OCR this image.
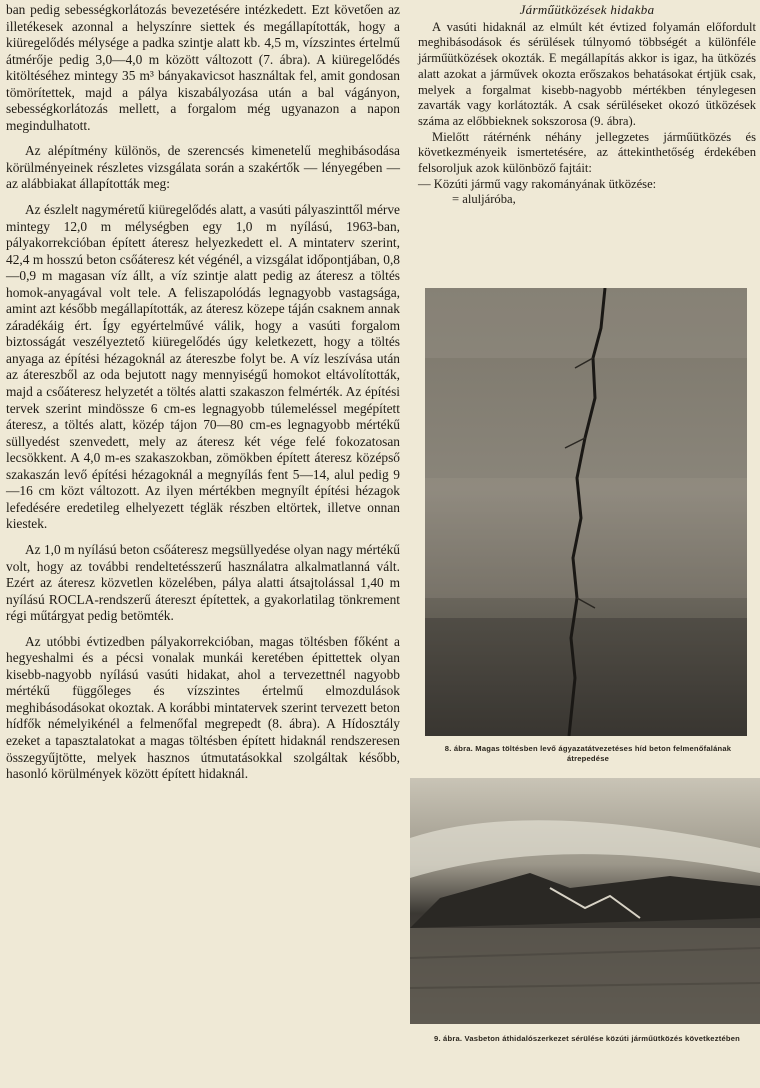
ban pedig sebességkorlátozás bevezetésére intézkedett. Ezt követően az illetékesek azonnal a helyszínre siettek és megállapították, hogy a kiüregelődés mélysége a padka szintje alatt kb. 4,5 m, vízszintes értelmű átmérője pedig 3,0—4,0 m között változott (7. ábra). A kiüregelődés kitöltéséhez mintegy 35 m³ bányakavicsot használtak fel, amit gondosan tömörítettek, majd a pálya kiszabályozása után a bal vágányon, sebességkorlátozás mellett, a forgalom még ugyanazon a napon megindulhatott.

Az alépítmény különös, de szerencsés kimenetelű meghibásodása körülményeinek részletes vizsgálata során a szakértők — lényegében — az alábbiakat állapították meg:

Az észlelt nagyméretű kiüregelődés alatt, a vasúti pályaszinttől mérve mintegy 12,0 m mélységben egy 1,0 m nyílású, 1963-ban, pályakorrekcióban épített áteresz helyezkedett el. A mintaterv szerint, 42,4 m hosszú beton csőáteresz két végénél, a vizsgálat időpontjában, 0,8—0,9 m magasan víz állt, a víz szintje alatt pedig az áteresz a töltés homok-anyagával volt tele. A feliszapolódás legnagyobb vastagsága, amint azt később megállapították, az áteresz közepe táján csaknem annak záradékáig ért. Így egyértelművé válik, hogy a vasúti forgalom biztosságát veszélyeztető kiüregelődés úgy keletkezett, hogy a töltés anyaga az építési hézagoknál az átereszbe folyt be. A víz leszívása után az átereszből az oda bejutott nagy mennyiségű homokot eltávolították, majd a csőáteresz helyzetét a töltés alatti szakaszon felmérték. Az építési tervek szerint mindössze 6 cm-es legnagyobb túlemeléssel megépített áteresz, a töltés alatt, közép tájon 70—80 cm-es legnagyobb mértékű süllyedést szenvedett, mely az áteresz két vége felé fokozatosan lecsökkent. A 4,0 m-es szakaszokban, zömökben épített áteresz középső szakaszán levő építési hézagoknál a megnyílás fent 5—14, alul pedig 9—16 cm közt változott. Az ilyen mértékben megnyílt építési hézagok lefedésére eredetileg elhelyezett tégläk részben eltörtek, illetve onnan kiestek.

Az 1,0 m nyílású beton csőáteresz megsüllyedése olyan nagy mértékű volt, hogy az további rendeltetésszerű használatra alkalmatlanná vált. Ezért az áteresz közvetlen közelében, pálya alatti átsajtolással 1,40 m nyílású ROCLA-rendszerű átereszt építettek, a gyakorlatilag tönkrement régi műtárgyat pedig betömték.

Az utóbbi évtizedben pályakorrekcióban, magas töltésben főként a hegyeshalmi és a pécsi vonalak munkái keretében épittettek olyan kisebb-nagyobb nyílású vasúti hidakat, ahol a tervezettnél nagyobb mértékű függőleges és vízszintes értelmű elmozdulások meghibásodásokat okoztak. A korábbi mintatervek szerint tervezett beton hídfők némelyikénél a felmenőfal megrepedt (8. ábra). A Hídosztály ezeket a tapasztalatokat a magas töltésben épített hidaknál rendszeresen összegyűjtötte, melyek hasznos útmutatásokkal szolgáltak később, hasonló körülmények között épített hidaknál.

Járműütközések hidakba

A vasúti hidaknál az elmúlt két évtized folyamán előfordult meghibásodások és sérülések túlnyomó többségét a különféle járműütközések okozták. E megállapítás akkor is igaz, ha ütközés alatt azokat a járművek okozta erőszakos behatásokat értjük csak, melyek a forgalmat kisebb-nagyobb mértékben ténylegesen zavarták vagy korlátozták. A csak sérüléseket okozó ütközések száma az előbbieknek sokszorosa (9. ábra).

Mielőtt rátérnénk néhány jellegzetes járműütközés és következményeik ismertetésére, az áttekinthetőség érdekében felsoroljuk azok különböző fajtáit:

— Közúti jármű vagy rakományának ütközése:

= aluljáróba,

8. ábra. Magas töltésben levő ágyazatátvezetéses híd beton felmenőfalának átrepedése
9. ábra. Vasbeton áthidalószerkezet sérülése közúti járműütközés következtében
